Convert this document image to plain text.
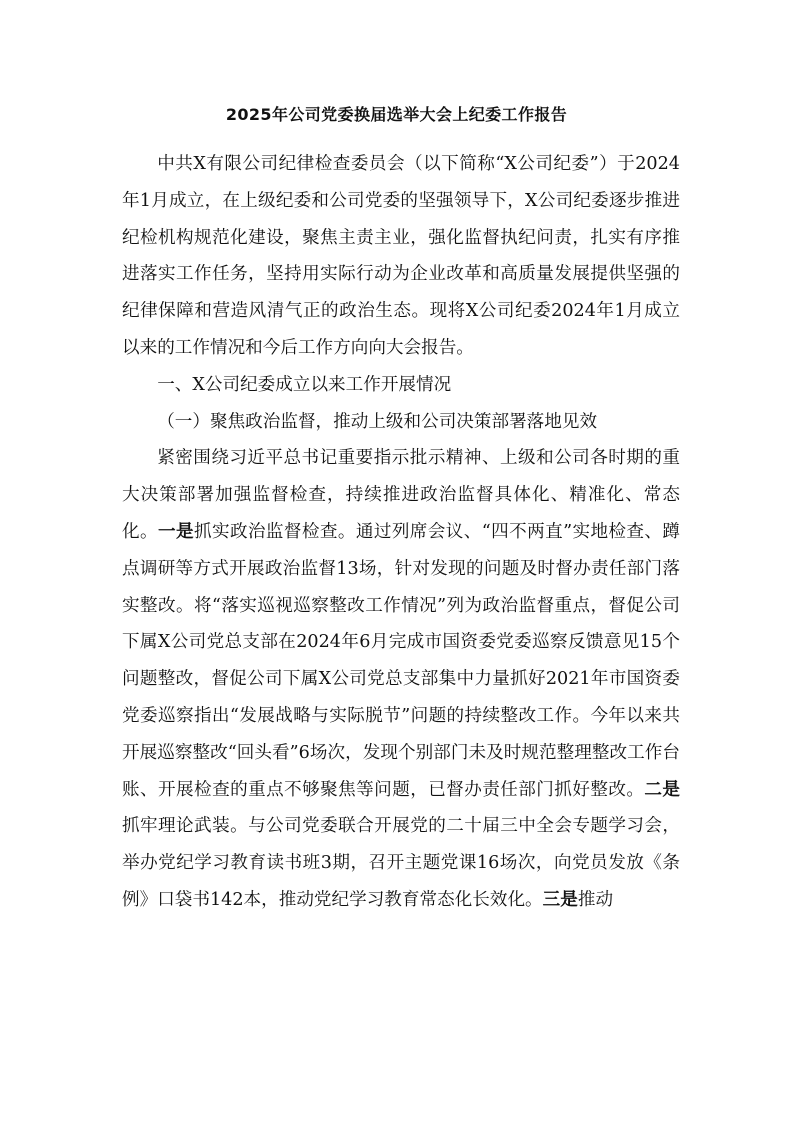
2025年公司党委换届选举大会上纪委工作报告

中共X有限公司纪律检查委员会（以下简称“X公司纪委”）于2024年1月成立，在上级纪委和公司党委的坚强领导下，X公司纪委逐步推进纪检机构规范化建设，聚焦主责主业，强化监督执纪问责，扎实有序推进落实工作任务，坚持用实际行动为企业改革和高质量发展提供坚强的纪律保障和营造风清气正的政治生态。现将X公司纪委2024年1月成立以来的工作情况和今后工作方向向大会报告。

一、X公司纪委成立以来工作开展情况

（一）聚焦政治监督，推动上级和公司决策部署落地见效

紧密围绕习近平总书记重要指示批示精神、上级和公司各时期的重大决策部署加强监督检查，持续推进政治监督具体化、精准化、常态化。一是抓实政治监督检查。通过列席会议、“四不两直”实地检查、蹲点调研等方式开展政治监督13场，针对发现的问题及时督办责任部门落实整改。将“落实巡视巡察整改工作情况”列为政治监督重点，督促公司下属X公司党总支部在2024年6月完成市国资委党委巡察反馈意见15个问题整改，督促公司下属X公司党总支部集中力量抓好2021年市国资委党委巡察指出“发展战略与实际脱节”问题的持续整改工作。今年以来共开展巡察整改“回头看”6场次，发现个别部门未及时规范整理整改工作台账、开展检查的重点不够聚焦等问题，已督办责任部门抓好整改。二是抓牢理论武装。与公司党委联合开展党的二十届三中全会专题学习会，举办党纪学习教育读书班3期，召开主题党课16场次，向党员发放《条例》口袋书142本，推动党纪学习教育常态化长效化。三是推动
